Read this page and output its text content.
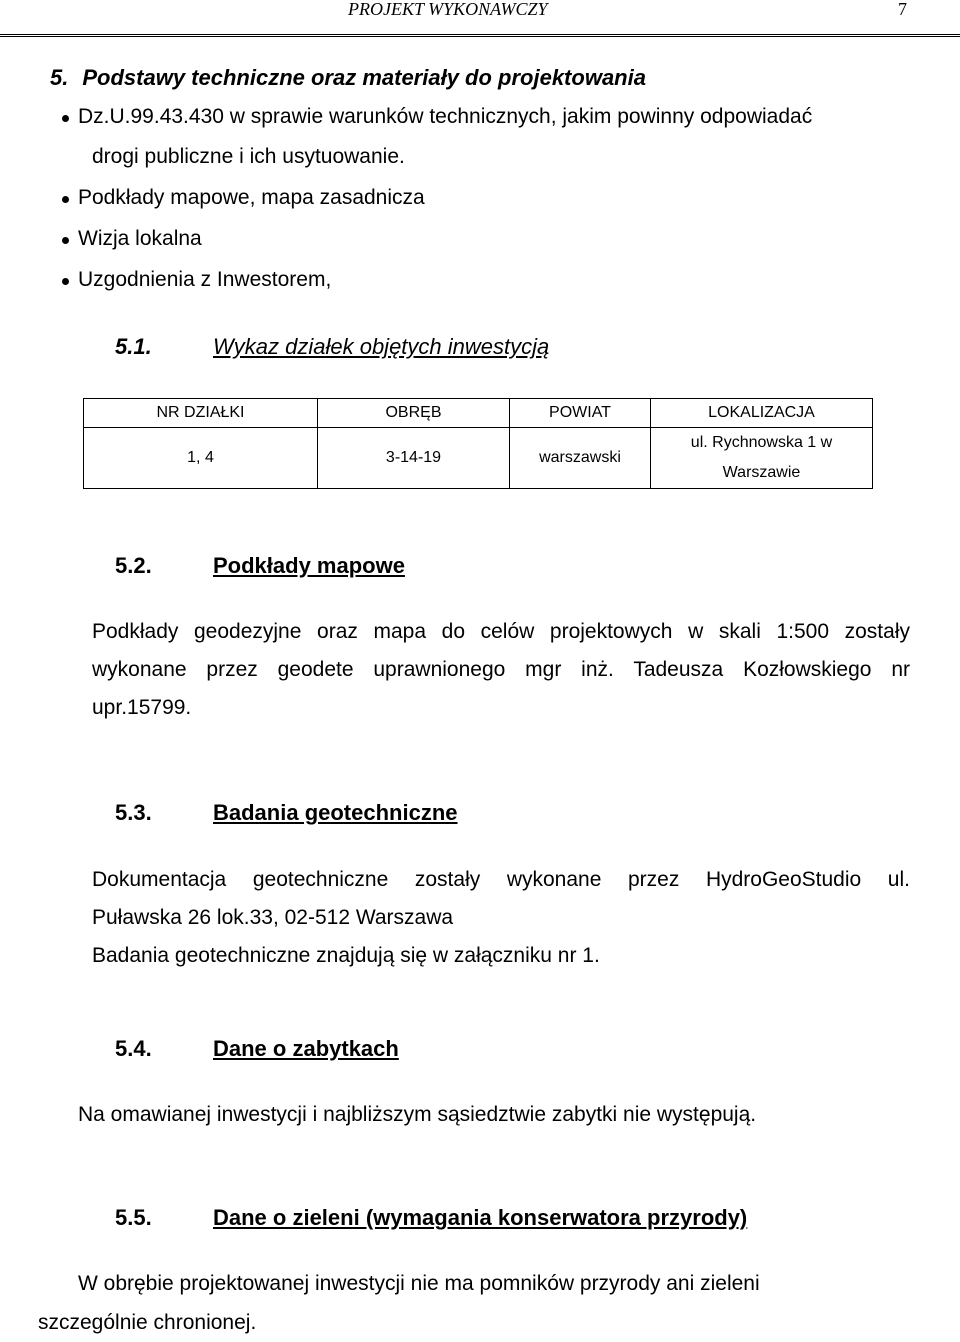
PROJEKT WYKONAWCZY	7
5. Podstawy techniczne oraz materiały do projektowania
Dz.U.99.43.430 w sprawie warunków technicznych, jakim powinny odpowiadać
drogi publiczne i ich usytuowanie.
Podkłady mapowe, mapa zasadnicza
Wizja lokalna
Uzgodnienia z Inwestorem,
5.1.	Wykaz działek objętych inwestycją
NR DZIAŁKI	OBRĘB	POWIAT	LOKALIZACJA
1, 4	3-14-19	warszawski	ul. Rychnowska 1 w
Warszawie
5.2.	Podkłady mapowe
Podkłady geodezyjne oraz mapa do celów projektowych w skali 1:500 zostały
wykonane przez geodete uprawnionego mgr inż. Tadeusza Kozłowskiego nr
upr.15799.
5.3.	Badania geotechniczne
Dokumentacja geotechniczne zostały wykonane przez HydroGeoStudio ul.
Puławska 26 lok.33, 02-512 Warszawa
Badania geotechniczne znajdują się w załączniku nr 1.
5.4.	Dane o zabytkach
Na omawianej inwestycji i najbliższym sąsiedztwie zabytki nie występują.
5.5.	Dane o zieleni (wymagania konserwatora przyrody)
W obrębie projektowanej inwestycji nie ma pomników przyrody ani zieleni
szczególnie chronionej.
